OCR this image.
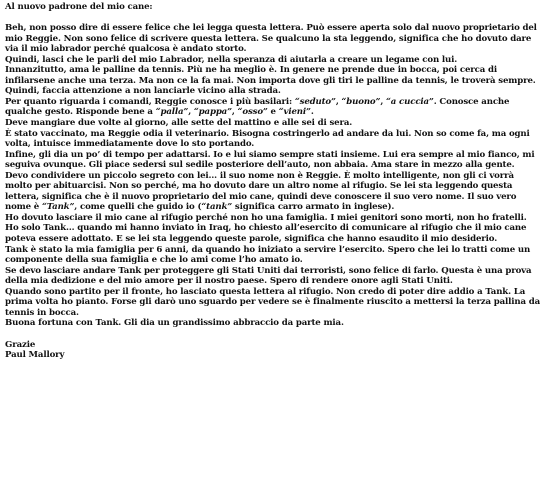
Al nuovo padrone del mio cane:

Beh, non posso dire di essere felice che lei legga questa lettera. Può essere aperta solo dal nuovo proprietario del mio Reggie. Non sono felice di scrivere questa lettera. Se qualcuno la sta leggendo, significa che ho dovuto dare via il mio labrador perché qualcosa è andato storto.

Quindi, lasci che le parli del mio Labrador, nella speranza di aiutarla a creare un legame con lui.

Innanzitutto, ama le palline da tennis. Più ne ha meglio è. In genere ne prende due in bocca, poi cerca di infilarsene anche una terza. Ma non ce la fa mai. Non importa dove gli tiri le palline da tennis, le troverà sempre. Quindi, faccia attenzione a non lanciarle vicino alla strada.

Per quanto riguarda i comandi, Reggie conosce i più basilari: “seduto”, “buono”, “a cuccia”. Conosce anche qualche gesto. Risponde bene a “palla”, “pappa”, “osso” e “vieni”.

Deve mangiare due volte al giorno, alle sette del mattino e alle sei di sera.

È stato vaccinato, ma Reggie odia il veterinario. Bisogna costringerlo ad andare da lui. Non so come fa, ma ogni volta, intuisce immediatamente dove lo sto portando.

Infine, gli dia un po’ di tempo per adattarsi. Io e lui siamo sempre stati insieme. Lui era sempre al mio fianco, mi seguiva ovunque. Gli piace sedersi sul sedile posteriore dell’auto, non abbaia. Ama stare in mezzo alla gente.

Devo condividere un piccolo segreto con lei… il suo nome non è Reggie. È molto intelligente, non gli ci vorrà molto per abituarcisi. Non so perché, ma ho dovuto dare un altro nome al rifugio. Se lei sta leggendo questa lettera, significa che è il nuovo proprietario del mio cane, quindi deve conoscere il suo vero nome. Il suo vero nome è “Tank”, come quelli che guido io (“tank” significa carro armato in inglese).

Ho dovuto lasciare il mio cane al rifugio perché non ho una famiglia. I miei genitori sono morti, non ho fratelli. Ho solo Tank… quando mi hanno inviato in Iraq, ho chiesto all’esercito di comunicare al rifugio che il mio cane poteva essere adottato. E se lei sta leggendo queste parole, significa che hanno esaudito il mio desiderio.

Tank è stato la mia famiglia per 6 anni, da quando ho iniziato a servire l’esercito. Spero che lei lo tratti come un componente della sua famiglia e che lo ami come l’ho amato io.

Se devo lasciare andare Tank per proteggere gli Stati Uniti dai terroristi, sono felice di farlo. Questa è una prova della mia dedizione e del mio amore per il nostro paese. Spero di rendere onore agli Stati Uniti.

Quando sono partito per il fronte, ho lasciato questa lettera al rifugio. Non credo di poter dire addio a Tank. La prima volta ho pianto. Forse gli darò uno sguardo per vedere se è finalmente riuscito a mettersi la terza pallina da tennis in bocca.

Buona fortuna con Tank. Gli dia un grandissimo abbraccio da parte mia.

Grazie

Paul Mallory
